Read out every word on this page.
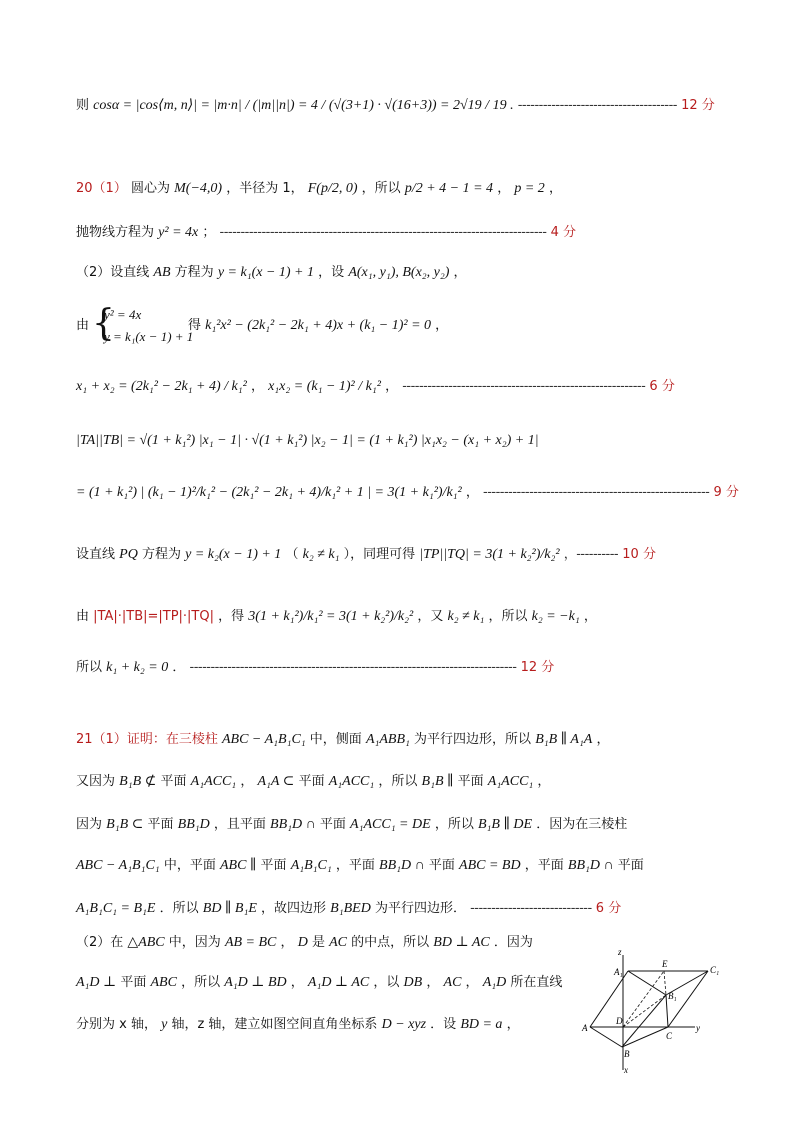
则 cosα = |cos⟨m, n⟩| = |m·n| / (|m||n|) = 4 / (√(3+1) · √(16+3)) = 2√19 / 19 . -------------------------------------- 12 分
20（1） 圆心为 M(−4,0) ，半径为 1， F(p/2, 0) ，所以 p/2 + 4 − 1 = 4 ， p = 2 ，
抛物线方程为 y² = 4x ； ------------------------------------------------------------------------------ 4 分
（2）设直线 AB 方程为 y = k₁(x − 1) + 1 ，设 A(x₁, y₁), B(x₂, y₂) ，
由 {
y² = 4x
y = k₁(x − 1) + 1
得 k₁²x² − (2k₁² − 2k₁ + 4)x + (k₁ − 1)² = 0 ，
x₁ + x₂ = (2k₁² − 2k₁ + 4) / k₁² ， x₁x₂ = (k₁ − 1)² / k₁² ， ---------------------------------------------------------- 6 分
|TA||TB| = √(1 + k₁²) |x₁ − 1| · √(1 + k₁²) |x₂ − 1| = (1 + k₁²) |x₁x₂ − (x₁ + x₂) + 1|
= (1 + k₁²) | (k₁ − 1)²/k₁² − (2k₁² − 2k₁ + 4)/k₁² + 1 | = 3(1 + k₁²)/k₁² ， ------------------------------------------------------ 9 分
设直线 PQ 方程为 y = k₂(x − 1) + 1 （ k₂ ≠ k₁ ），同理可得 |TP||TQ| = 3(1 + k₂²)/k₂² ，---------- 10 分
由 |TA|·|TB|=|TP|·|TQ| ，得 3(1 + k₁²)/k₁² = 3(1 + k₂²)/k₂² ，又 k₂ ≠ k₁ ，所以 k₂ = −k₁ ，
所以 k₁ + k₂ = 0 ． ------------------------------------------------------------------------------ 12 分
21（1）证明：在三棱柱 ABC − A₁B₁C₁ 中，侧面 A₁ABB₁ 为平行四边形，所以 B₁B ∥ A₁A ，
又因为 B₁B ⊄ 平面 A₁ACC₁ ， A₁A ⊂ 平面 A₁ACC₁ ，所以 B₁B ∥ 平面 A₁ACC₁ ，
因为 B₁B ⊂ 平面 BB₁D ，且平面 BB₁D ∩ 平面 A₁ACC₁ = DE ，所以 B₁B ∥ DE ．因为在三棱柱
ABC − A₁B₁C₁ 中，平面 ABC ∥ 平面 A₁B₁C₁ ，平面 BB₁D ∩ 平面 ABC = BD ，平面 BB₁D ∩ 平面
A₁B₁C₁ = B₁E ．所以 BD ∥ B₁E ，故四边形 B₁BED 为平行四边形． ----------------------------- 6 分
（2）在 △ABC 中，因为 AB = BC ， D 是 AC 的中点，所以 BD ⊥ AC ．因为
A₁D ⊥ 平面 ABC ，所以 A₁D ⊥ BD ， A₁D ⊥ AC ，以 DB ， AC ， A₁D 所在直线
分别为 x 轴， y 轴，z 轴，建立如图空间直角坐标系 D − xyz ．设 BD = a ，
z
A₁
E
C₁
B₁
D
A
C
y
B
x
